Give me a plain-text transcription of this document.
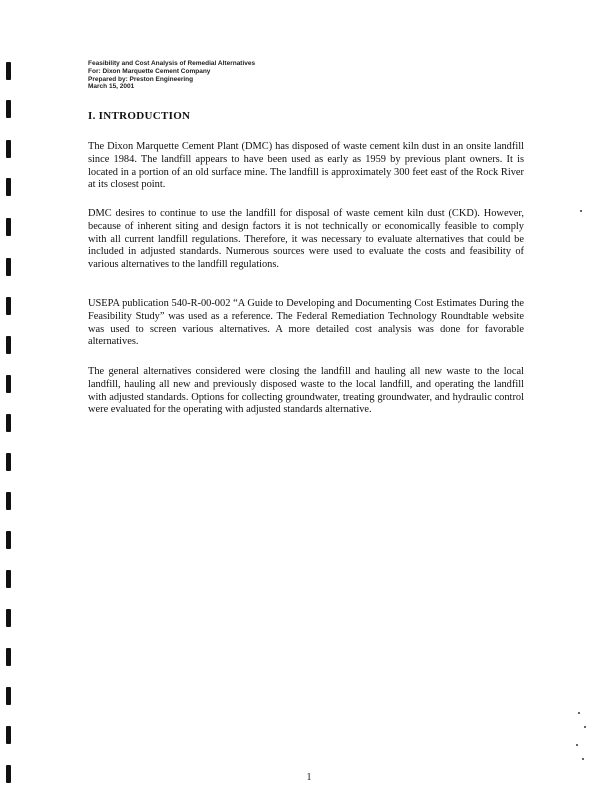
Feasibility and Cost Analysis of Remedial Alternatives
For: Dixon Marquette Cement Company
Prepared by: Preston Engineering
March 15, 2001
I. INTRODUCTION

The Dixon Marquette Cement Plant (DMC) has disposed of waste cement kiln dust in an onsite landfill since 1984. The landfill appears to have been used as early as 1959 by previous plant owners. It is located in a portion of an old surface mine. The landfill is approximately 300 feet east of the Rock River at its closest point.

DMC desires to continue to use the landfill for disposal of waste cement kiln dust (CKD). However, because of inherent siting and design factors it is not technically or economically feasible to comply with all current landfill regulations. Therefore, it was necessary to evaluate alternatives that could be included in adjusted standards. Numerous sources were used to evaluate the costs and feasibility of various alternatives to the landfill regulations.

USEPA publication 540-R-00-002 “A Guide to Developing and Documenting Cost Estimates During the Feasibility Study” was used as a reference. The Federal Remediation Technology Roundtable website was used to screen various alternatives. A more detailed cost analysis was done for favorable alternatives.

The general alternatives considered were closing the landfill and hauling all new waste to the local landfill, hauling all new and previously disposed waste to the local landfill, and operating the landfill with adjusted standards. Options for collecting groundwater, treating groundwater, and hydraulic control were evaluated for the operating with adjusted standards alternative.

1
